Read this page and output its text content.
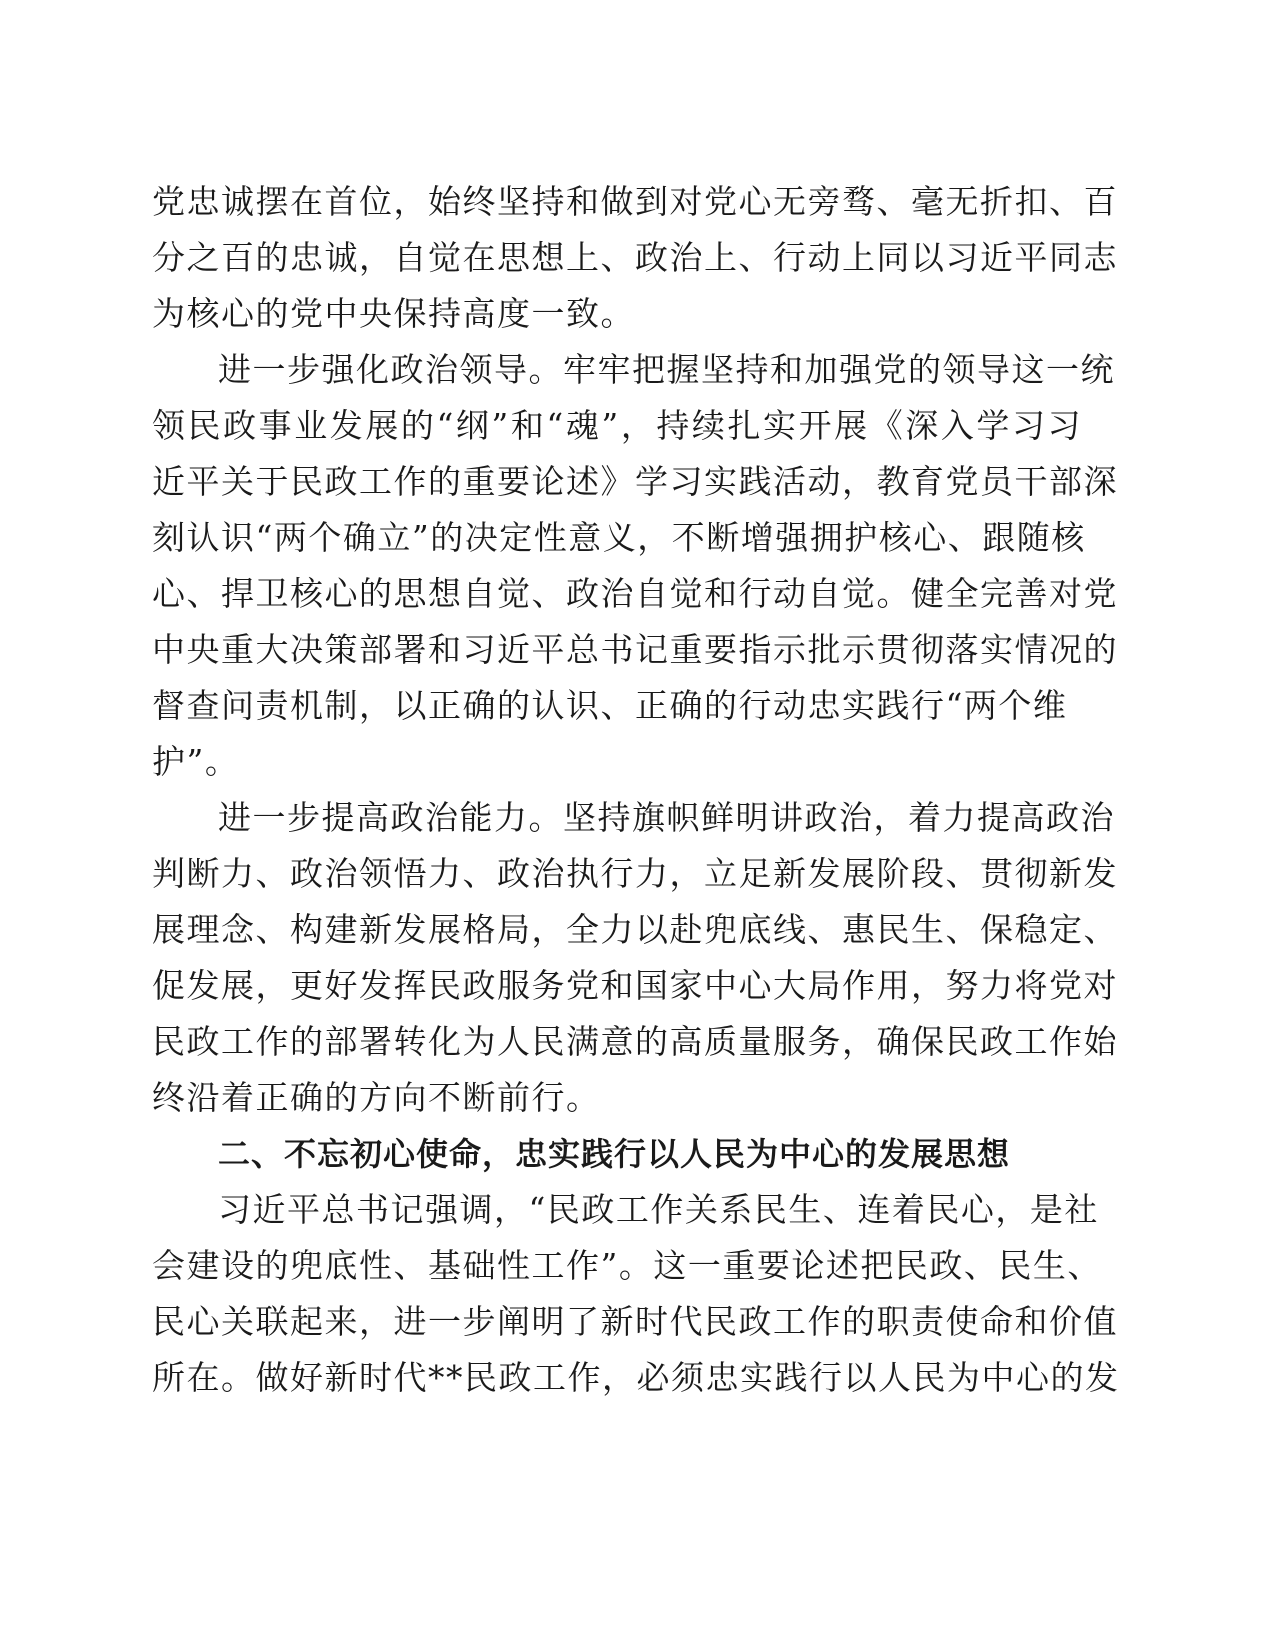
党忠诚摆在首位，始终坚持和做到对党心无旁骛、毫无折扣、百
分之百的忠诚，自觉在思想上、政治上、行动上同以习近平同志
为核心的党中央保持高度一致。
进一步强化政治领导。牢牢把握坚持和加强党的领导这一统
领民政事业发展的“纲”和“魂”，持续扎实开展《深入学习习
近平关于民政工作的重要论述》学习实践活动，教育党员干部深
刻认识“两个确立”的决定性意义，不断增强拥护核心、跟随核
心、捍卫核心的思想自觉、政治自觉和行动自觉。健全完善对党
中央重大决策部署和习近平总书记重要指示批示贯彻落实情况的
督查问责机制，以正确的认识、正确的行动忠实践行“两个维
护”。
进一步提高政治能力。坚持旗帜鲜明讲政治，着力提高政治
判断力、政治领悟力、政治执行力，立足新发展阶段、贯彻新发
展理念、构建新发展格局，全力以赴兜底线、惠民生、保稳定、
促发展，更好发挥民政服务党和国家中心大局作用，努力将党对
民政工作的部署转化为人民满意的高质量服务，确保民政工作始
终沿着正确的方向不断前行。
二、不忘初心使命，忠实践行以人民为中心的发展思想
习近平总书记强调，“民政工作关系民生、连着民心，是社
会建设的兜底性、基础性工作”。这一重要论述把民政、民生、
民心关联起来，进一步阐明了新时代民政工作的职责使命和价值
所在。做好新时代**民政工作，必须忠实践行以人民为中心的发
